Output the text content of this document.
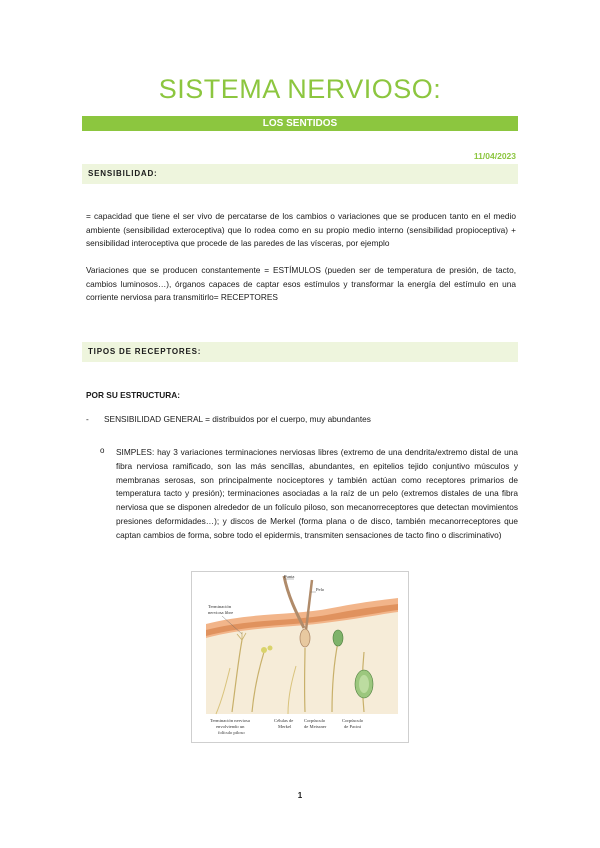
SISTEMA NERVIOSO:
LOS SENTIDOS
11/04/2023
SENSIBILIDAD:

= capacidad que tiene el ser vivo de percatarse de los cambios o variaciones que se producen tanto en el medio ambiente (sensibilidad exteroceptiva) que lo rodea como en su propio medio interno (sensibilidad propioceptiva) + sensibilidad interoceptiva que procede de las paredes de las vísceras, por ejemplo

Variaciones que se producen constantemente = ESTÍMULOS (pueden ser de temperatura de presión, de tacto, cambios luminosos…), órganos capaces de captar esos estímulos y transformar la energía del estímulo en una corriente nerviosa para transmitirlo= RECEPTORES

TIPOS DE RECEPTORES:
POR SU ESTRUCTURA:
- SENSIBILIDAD GENERAL = distribuidos por el cuerpo, muy abundantes
o SIMPLES: hay 3 variaciones terminaciones nerviosas libres (extremo de una dendrita/extremo distal de una fibra nerviosa ramificado, son las más sencillas, abundantes, en epitelios tejido conjuntivo músculos y membranas serosas, son principalmente nociceptores y también actúan como receptores primarios de temperatura tacto y presión); terminaciones asociadas a la raíz de un pelo (extremos distales de una fibra nerviosa que se disponen alrededor de un folículo piloso, son mecanorreceptores que detectan movimientos presiones deformidades…); y discos de Merkel (forma plana o de disco, también mecanorreceptores que captan cambios de forma, sobre todo el epidermis, transmiten sensaciones de tacto fino o discriminativo)

Punta
Pelo
Terminación
nerviosa libre
Terminación nerviosa
envolviendo un
folículo piloso
Células de
Merkel
Corpúsculo
de Meissner
Corpúsculo
de Pacini
1
